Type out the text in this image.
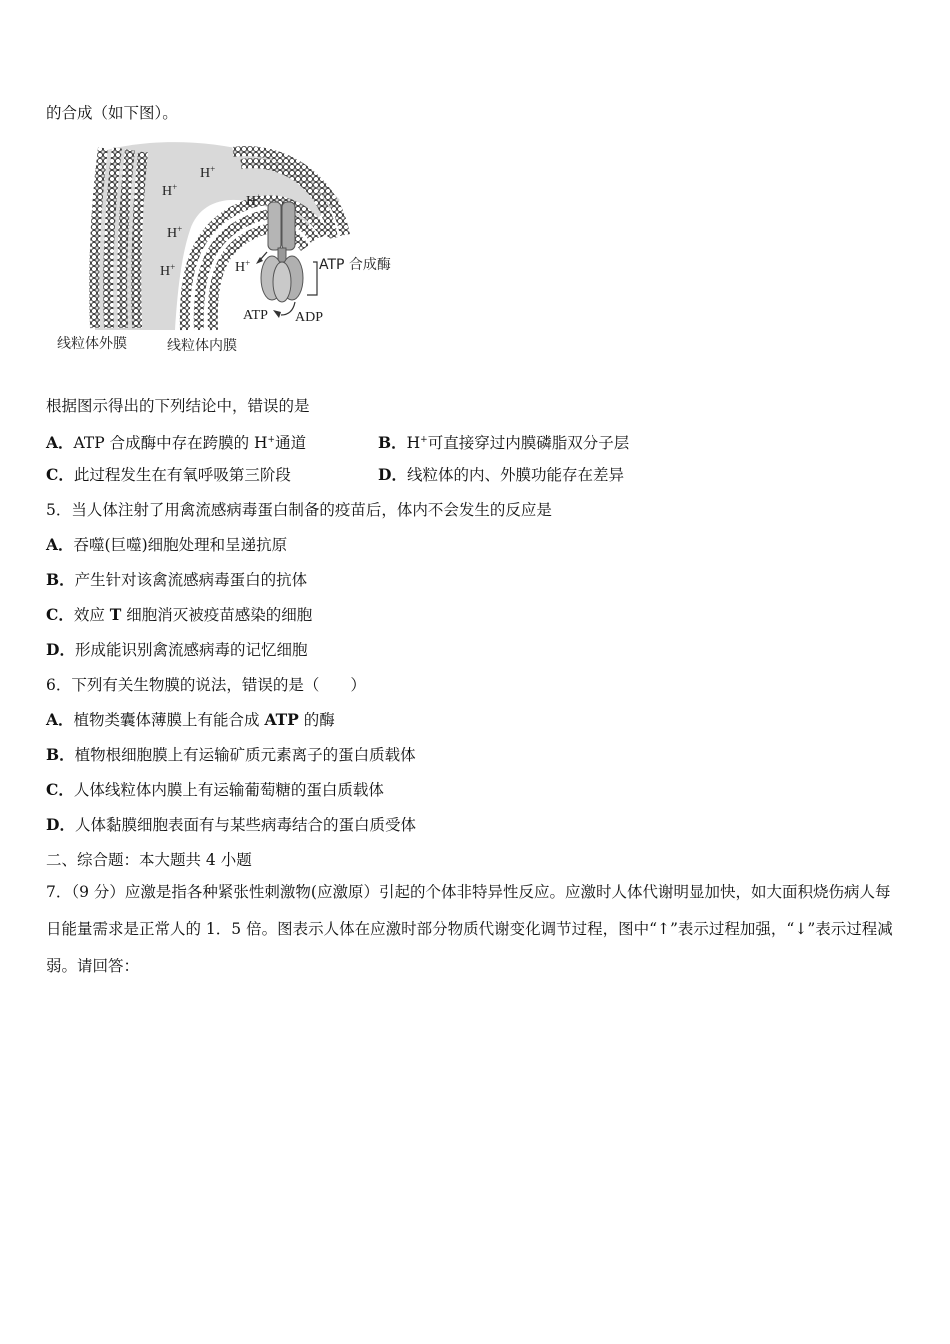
的合成（如下图）。
H+
H+
H+
H+
H+	H+	ATP 合成酶
ATP ADP
线粒体外膜	线粒体内膜
根据图示得出的下列结论中，错误的是
A．ATP 合成酶中存在跨膜的 H+通道	B．H+可直接穿过内膜磷脂双分子层
C．此过程发生在有氧呼吸第三阶段	D．线粒体的内、外膜功能存在差异
5．当人体注射了用禽流感病毒蛋白制备的疫苗后，体内不会发生的反应是
A．吞噬(巨噬)细胞处理和呈递抗原
B．产生针对该禽流感病毒蛋白的抗体
C．效应 T 细胞消灭被疫苗感染的细胞
D．形成能识别禽流感病毒的记忆细胞
6．下列有关生物膜的说法，错误的是（　　）
A．植物类囊体薄膜上有能合成 ATP 的酶
B．植物根细胞膜上有运输矿质元素离子的蛋白质载体
C．人体线粒体内膜上有运输葡萄糖的蛋白质载体
D．人体黏膜细胞表面有与某些病毒结合的蛋白质受体
二、综合题：本大题共 4 小题
7．（9 分）应激是指各种紧张性刺激物(应激原）引起的个体非特异性反应。应激时人体代谢明显加快，如大面积烧伤病人每日能量需求是正常人的 1．5 倍。图表示人体在应激时部分物质代谢变化调节过程，图中“↑”表示过程加强，“↓”表示过程减弱。请回答：
